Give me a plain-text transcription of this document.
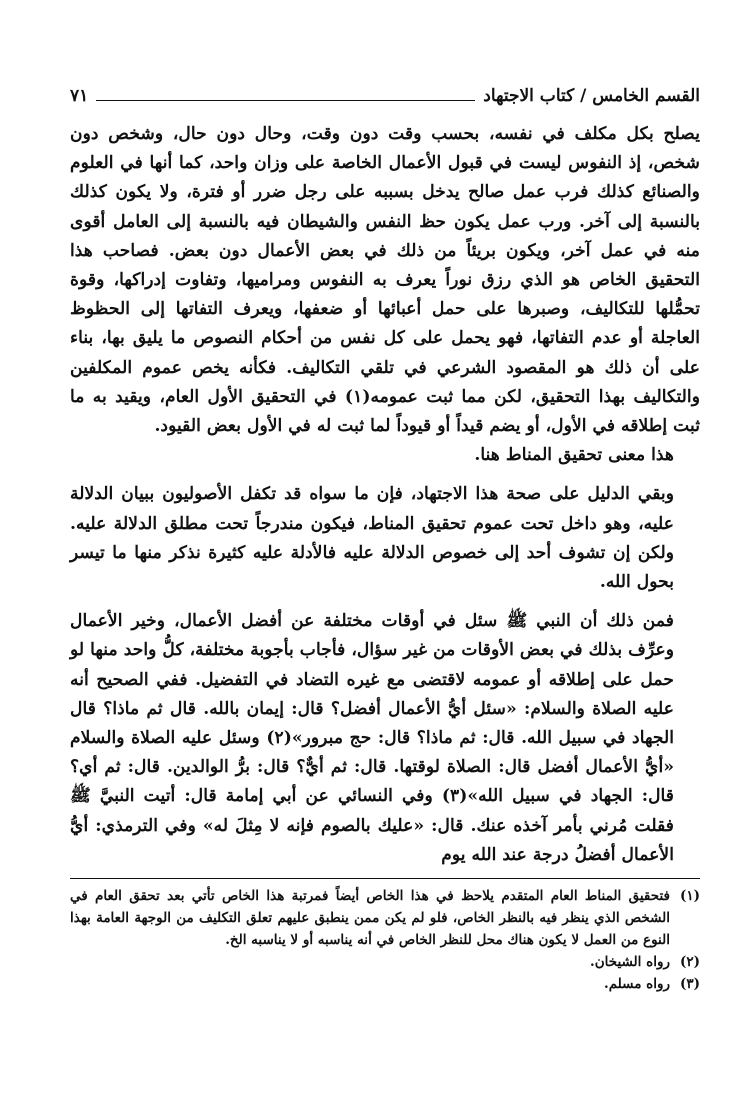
القسم الخامس / كتاب الاجتهاد
٧١

يصلح بكل مكلف في نفسه، بحسب وقت دون وقت، وحال دون حال، وشخص دون شخص، إذ النفوس ليست في قبول الأعمال الخاصة على وزان واحد، كما أنها في العلوم والصنائع كذلك فرب عمل صالح يدخل بسببه على رجل ضرر أو فترة، ولا يكون كذلك بالنسبة إلى آخر. ورب عمل يكون حظ النفس والشيطان فيه بالنسبة إلى العامل أقوى منه في عمل آخر، ويكون بريئاً من ذلك في بعض الأعمال دون بعض. فصاحب هذا التحقيق الخاص هو الذي رزق نوراً يعرف به النفوس ومراميها، وتفاوت إدراكها، وقوة تحمُّلها للتكاليف، وصبرها على حمل أعبائها أو ضعفها، ويعرف التفاتها إلى الحظوظ العاجلة أو عدم التفاتها، فهو يحمل على كل نفس من أحكام النصوص ما يليق بها، بناء على أن ذلك هو المقصود الشرعي في تلقي التكاليف. فكأنه يخص عموم المكلفين والتكاليف بهذا التحقيق، لكن مما ثبت عمومه(١) في التحقيق الأول العام، ويقيد به ما ثبت إطلاقه في الأول، أو يضم قيداً أو قيوداً لما ثبت له في الأول بعض القيود.

هذا معنى تحقيق المناط هنا.

وبقي الدليل على صحة هذا الاجتهاد، فإن ما سواه قد تكفل الأصوليون ببيان الدلالة عليه، وهو داخل تحت عموم تحقيق المناط، فيكون مندرجاً تحت مطلق الدلالة عليه. ولكن إن تشوف أحد إلى خصوص الدلالة عليه فالأدلة عليه كثيرة نذكر منها ما تيسر بحول الله.

فمن ذلك أن النبي ﷺ سئل في أوقات مختلفة عن أفضل الأعمال، وخير الأعمال وعرِّف بذلك في بعض الأوقات من غير سؤال، فأجاب بأجوبة مختلفة، كلُّ واحد منها لو حمل على إطلاقه أو عمومه لاقتضى مع غيره التضاد في التفضيل. ففي الصحيح أنه عليه الصلاة والسلام: «سئل أيُّ الأعمال أفضل؟ قال: إيمان بالله. قال ثم ماذا؟ قال الجهاد في سبيل الله. قال: ثم ماذا؟ قال: حج مبرور»(٢) وسئل عليه الصلاة والسلام «أيُّ الأعمال أفضل قال: الصلاة لوقتها. قال: ثم أيٌّ؟ قال: برُّ الوالدين. قال: ثم أي؟ قال: الجهاد في سبيل الله»(٣) وفي النسائي عن أبي إمامة قال: أتيت النبيَّ ﷺ فقلت مُرني بأمر آخذه عنك. قال: «عليك بالصوم فإنه لا مِثلَ له» وفي الترمذي: أيُّ الأعمال أفضلُ درجة عند الله يوم

(١)
فتحقيق المناط العام المتقدم يلاحظ في هذا الخاص أيضاً فمرتبة هذا الخاص تأتي بعد تحقق العام في الشخص الذي ينظر فيه بالنظر الخاص، فلو لم يكن ممن ينطبق عليهم تعلق التكليف من الوجهة العامة بهذا النوع من العمل لا يكون هناك محل للنظر الخاص في أنه يناسبه أو لا يناسبه الخ.
(٢)
رواه الشيخان.
(٣)
رواه مسلم.
